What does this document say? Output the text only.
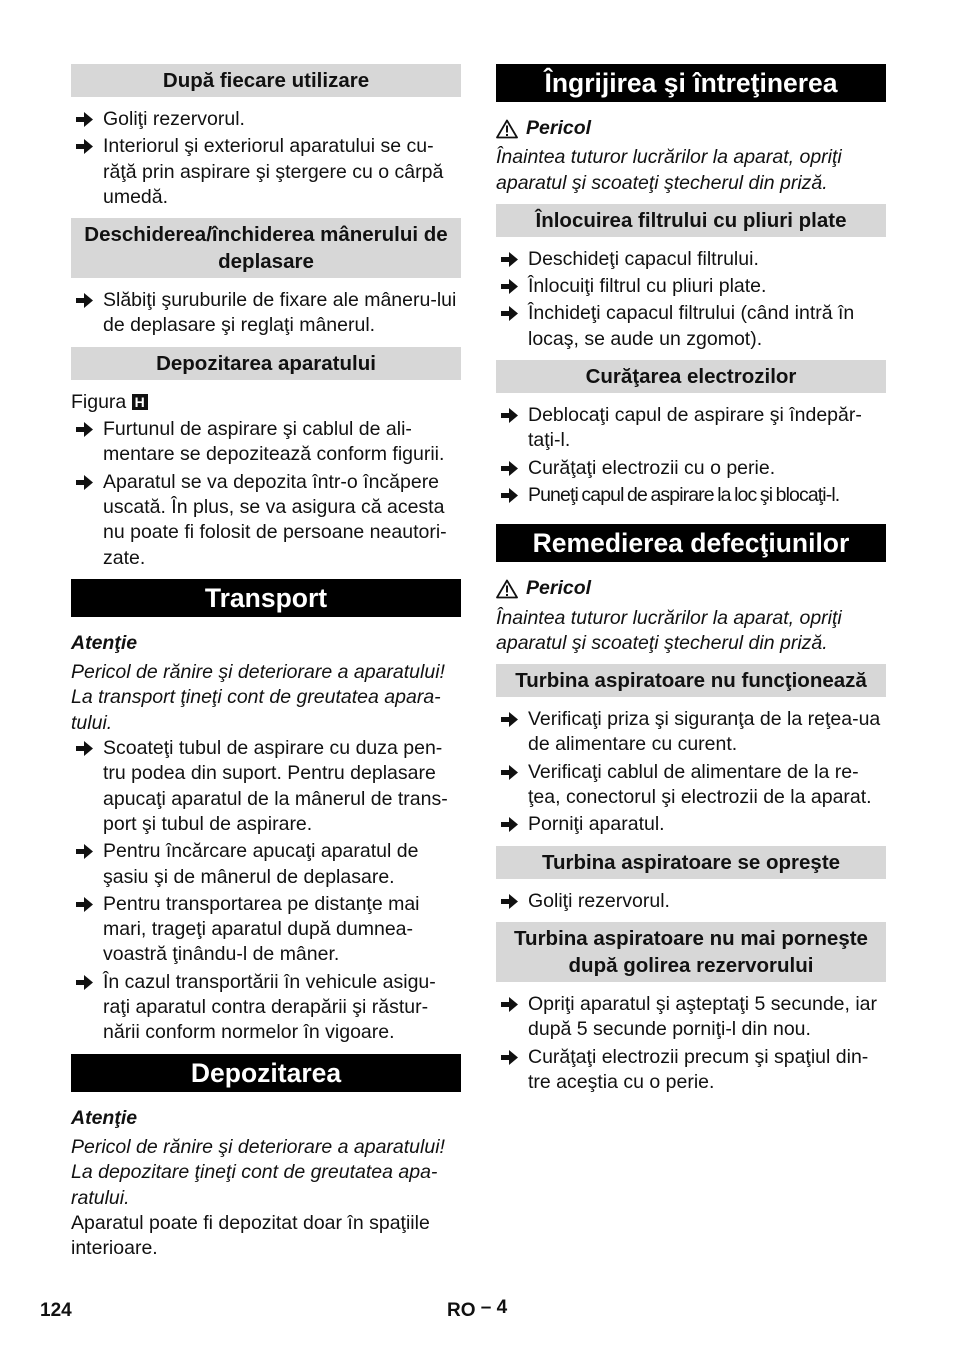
După fiecare utilizare
Goliţi rezervorul.
Interiorul şi exteriorul aparatului se cu-răţă prin aspirare şi ştergere cu o cârpă umedă.
Deschiderea/închiderea mânerului de deplasare
Slăbiţi şuruburile de fixare ale mâneru-lui de deplasare şi reglaţi mânerul.
Depozitarea aparatului
Figura H
Furtunul de aspirare şi cablul de ali-mentare se depozitează conform figurii.
Aparatul se va depozita într-o încăpere uscată. În plus, se va asigura că acesta nu poate fi folosit de persoane neautori-zate.
Transport
Atenţie

Pericol de rănire şi deteriorare a aparatului!

La transport ţineţi cont de greutatea apara-tului.

Scoateţi tubul de aspirare cu duza pen-tru podea din suport. Pentru deplasare apucaţi aparatul de la mânerul de trans-port şi tubul de aspirare.
Pentru încărcare apucaţi aparatul de şasiu şi de mânerul de deplasare.
Pentru transportarea pe distanţe mai mari, trageţi aparatul după dumnea-voastră ţinându-l de mâner.
În cazul transportării în vehicule asigu-raţi aparatul contra derapării şi răstur-nării conform normelor în vigoare.
Depozitarea
Atenţie

Pericol de rănire şi deteriorare a aparatului!

La depozitare ţineţi cont de greutatea apa-ratului.

Aparatul poate fi depozitat doar în spaţiile interioare.

Îngrijirea şi întreţinerea
Pericol

Înaintea tuturor lucrărilor la aparat, opriţi aparatul şi scoateţi ştecherul din priză.

Înlocuirea filtrului cu pliuri plate
Deschideţi capacul filtrului.
Înlocuiţi filtrul cu pliuri plate.
Închideţi capacul filtrului (când intră în locaş, se aude un zgomot).
Curăţarea electrozilor
Deblocaţi capul de aspirare şi îndepăr-taţi-l.
Curăţaţi electrozii cu o perie.
Puneţi capul de aspirare la loc şi blocaţi-l.
Remedierea defecţiunilor
Pericol

Înaintea tuturor lucrărilor la aparat, opriţi aparatul şi scoateţi ştecherul din priză.

Turbina aspiratoare nu funcţionează
Verificaţi priza şi siguranţa de la reţea-ua de alimentare cu curent.
Verificaţi cablul de alimentare de la re-ţea, conectorul şi electrozii de la aparat.
Porniţi aparatul.
Turbina aspiratoare se opreşte
Goliţi rezervorul.
Turbina aspiratoare nu mai porneşte după golirea rezervorului
Opriţi aparatul şi aşteptaţi 5 secunde, iar după 5 secunde porniţi-l din nou.
Curăţaţi electrozii precum şi spaţiul din-tre aceştia cu o perie.
124	RO – 4
